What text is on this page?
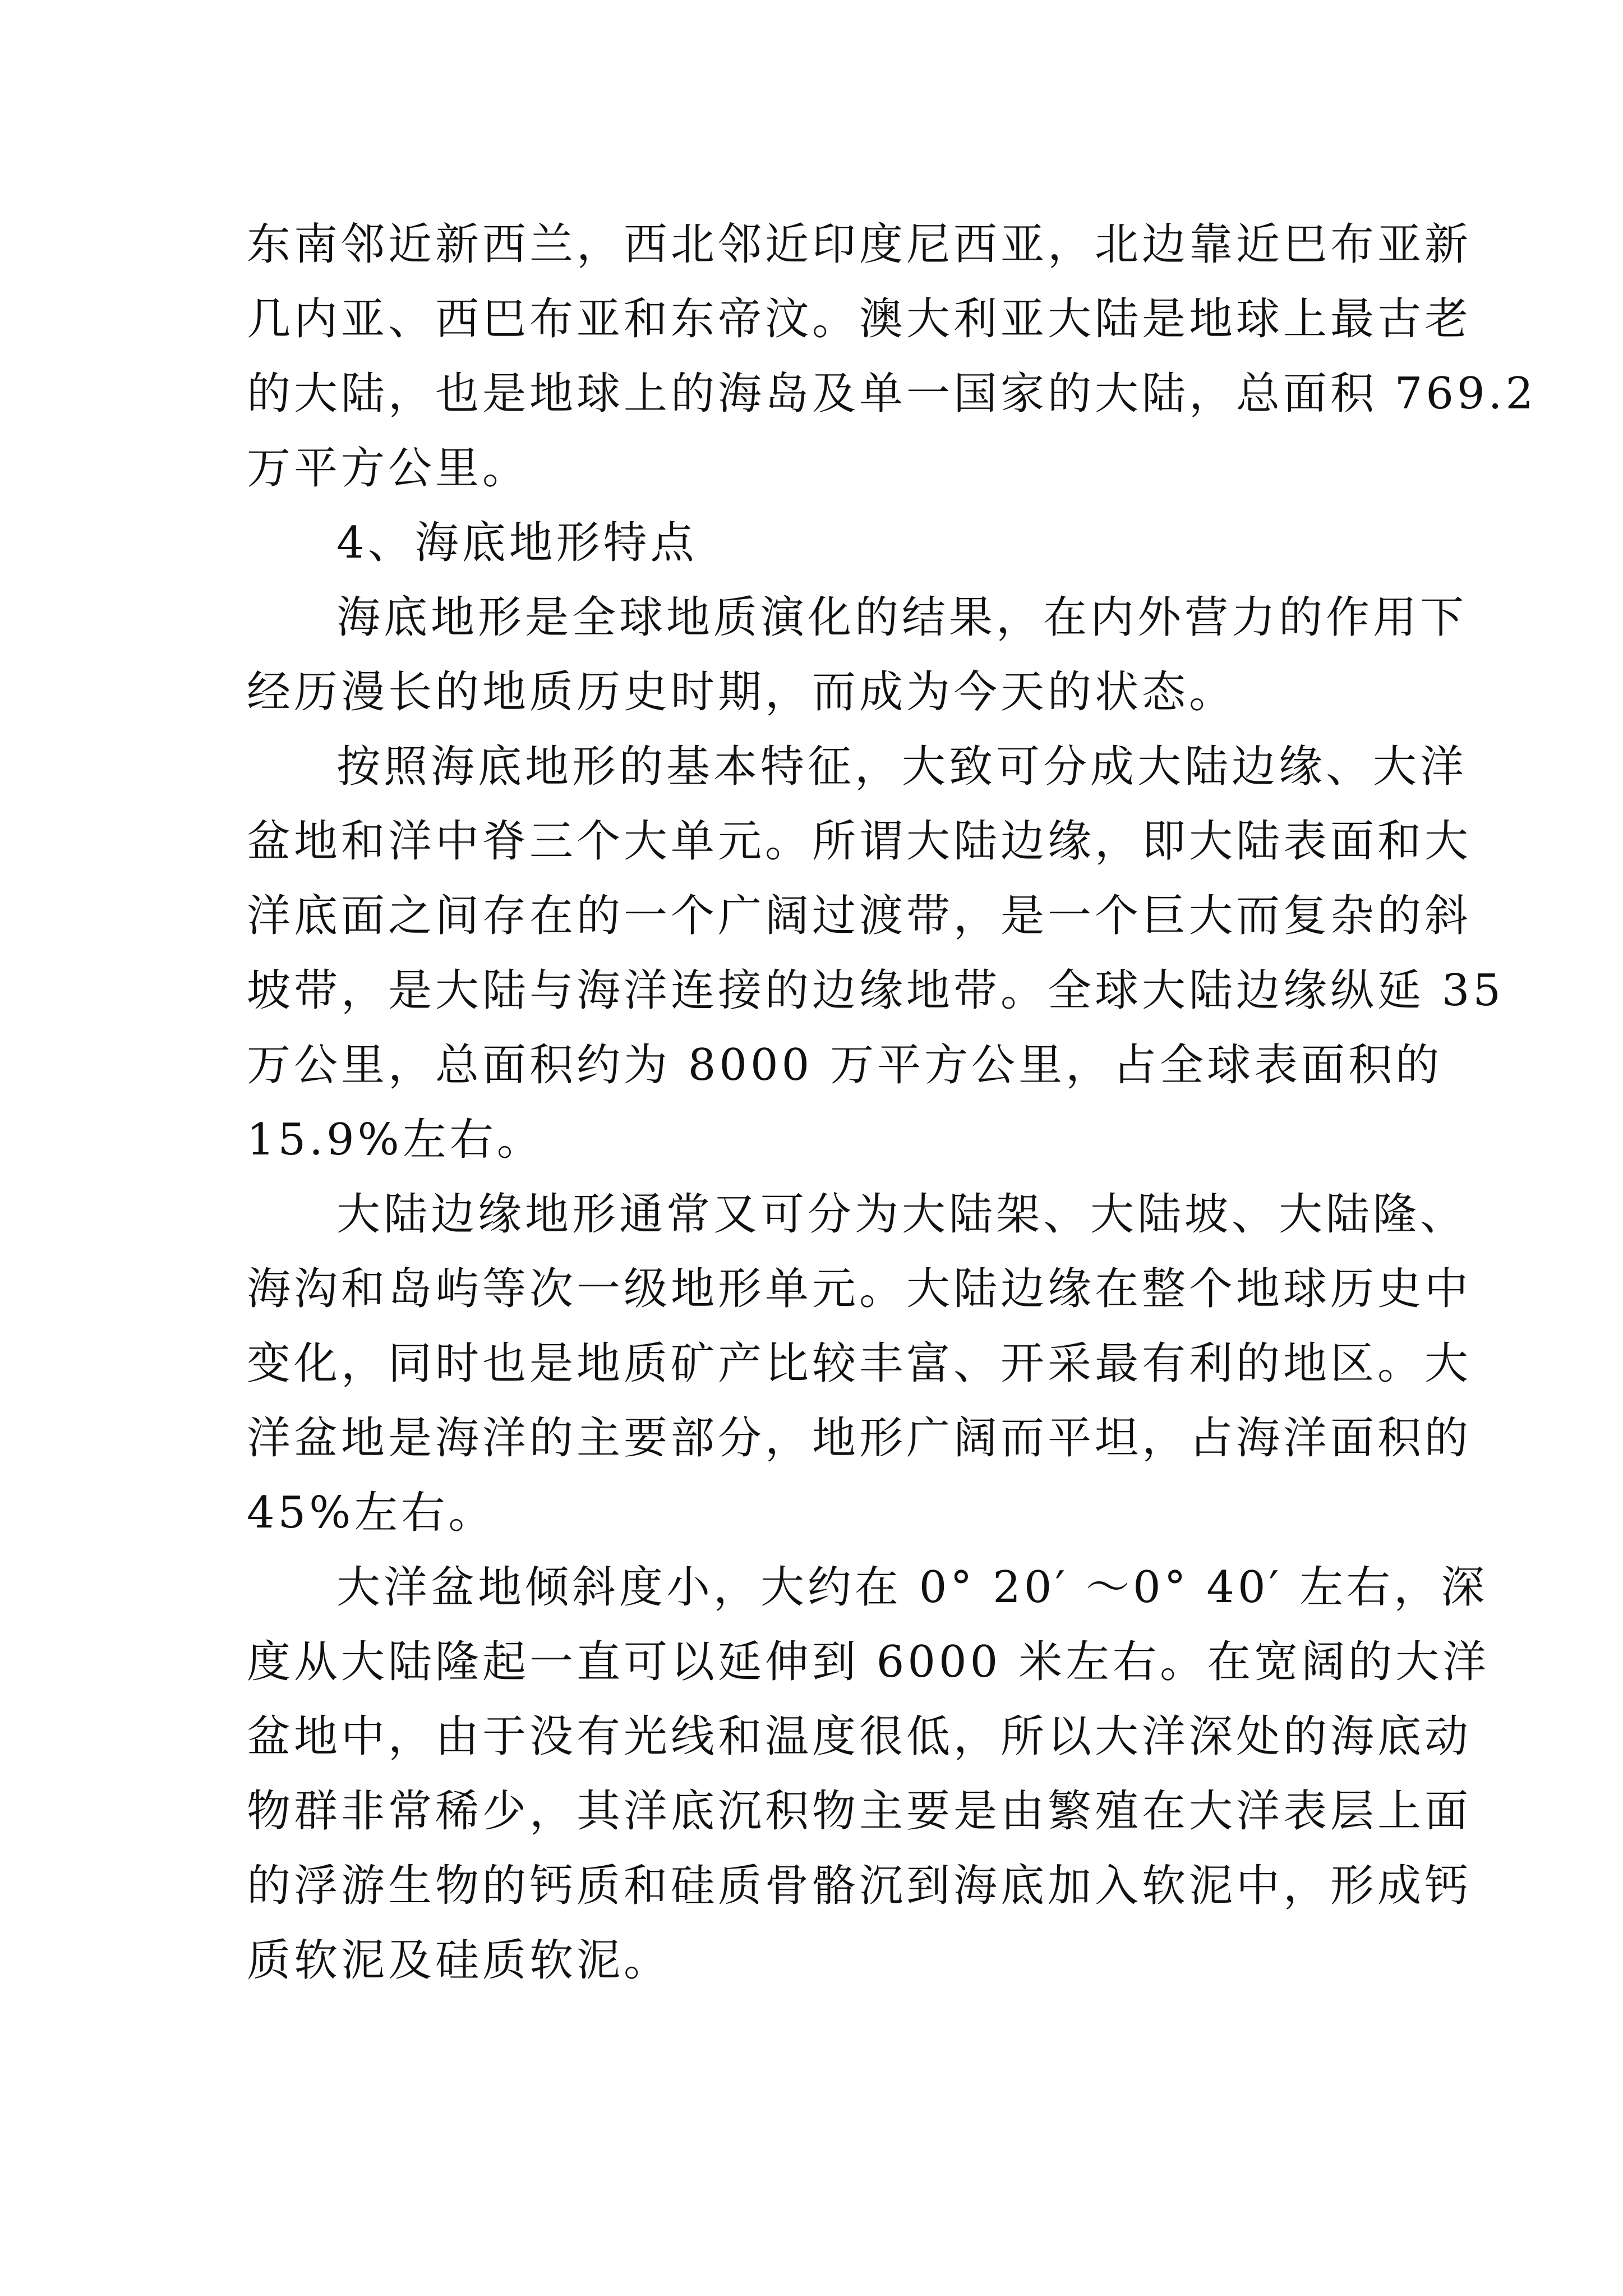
东南邻近新西兰，西北邻近印度尼西亚，北边靠近巴布亚新
几内亚、西巴布亚和东帝汶。澳大利亚大陆是地球上最古老
的大陆，也是地球上的海岛及单一国家的大陆，总面积 769.2
万平方公里。
4、海底地形特点
海底地形是全球地质演化的结果，在内外营力的作用下
经历漫长的地质历史时期，而成为今天的状态。
按照海底地形的基本特征，大致可分成大陆边缘、大洋
盆地和洋中脊三个大单元。所谓大陆边缘，即大陆表面和大
洋底面之间存在的一个广阔过渡带，是一个巨大而复杂的斜
坡带，是大陆与海洋连接的边缘地带。全球大陆边缘纵延 35
万公里，总面积约为 8000 万平方公里，占全球表面积的
15.9%左右。
大陆边缘地形通常又可分为大陆架、大陆坡、大陆隆、
海沟和岛屿等次一级地形单元。大陆边缘在整个地球历史中
变化，同时也是地质矿产比较丰富、开采最有利的地区。大
洋盆地是海洋的主要部分，地形广阔而平坦，占海洋面积的
45%左右。
大洋盆地倾斜度小，大约在 0° 20′ ～0° 40′ 左右，深
度从大陆隆起一直可以延伸到 6000 米左右。在宽阔的大洋
盆地中，由于没有光线和温度很低，所以大洋深处的海底动
物群非常稀少，其洋底沉积物主要是由繁殖在大洋表层上面
的浮游生物的钙质和硅质骨骼沉到海底加入软泥中，形成钙
质软泥及硅质软泥。
